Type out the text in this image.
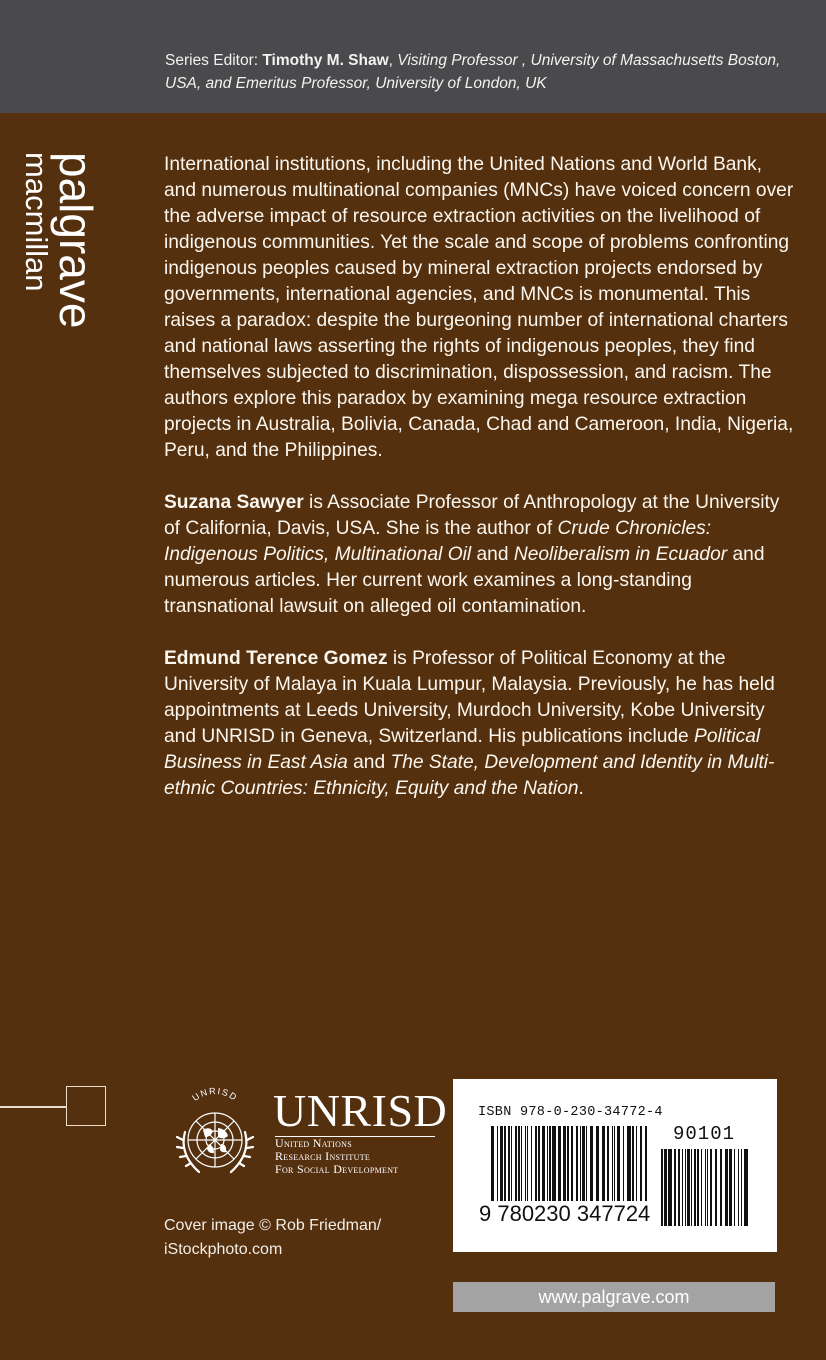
Series Editor: Timothy M. Shaw, Visiting Professor , University of Massachusetts Boston, USA, and Emeritus Professor, University of London, UK
palgrave
macmillan	International institutions, including the United Nations and World Bank, and numerous multinational companies (MNCs) have voiced concern over the adverse impact of resource extraction activities on the livelihood of indigenous communities. Yet the scale and scope of problems confronting indigenous peoples caused by mineral extraction projects endorsed by governments, international agencies, and MNCs is monumental. This raises a paradox: despite the burgeoning number of international charters and national laws asserting the rights of indigenous peoples, they find themselves subjected to discrimination, dispossession, and racism. The authors explore this paradox by examining mega resource extraction projects in Australia, Bolivia, Canada, Chad and Cameroon, India, Nigeria, Peru, and the Philippines.

Suzana Sawyer is Associate Professor of Anthropology at the University of California, Davis, USA. She is the author of Crude Chronicles: Indigenous Politics, Multinational Oil and Neoliberalism in Ecuador and numerous articles. Her current work examines a long-standing transnational lawsuit on alleged oil contamination.

Edmund Terence Gomez is Professor of Political Economy at the University of Malaya in Kuala Lumpur, Malaysia. Previously, he has held appointments at Leeds University, Murdoch University, Kobe University and UNRISD in Geneva, Switzerland. His publications include Political Business in East Asia and The State, Development and Identity in Multi-ethnic Countries: Ethnicity, Equity and the Nation.

UNRISD UNRISD
United Nations
Research Institute
For Social Development
Cover image © Rob Friedman/
iStockphoto.com
ISBN 978-0-230-34772-4
90101
9 780230 347724
www.palgrave.com
